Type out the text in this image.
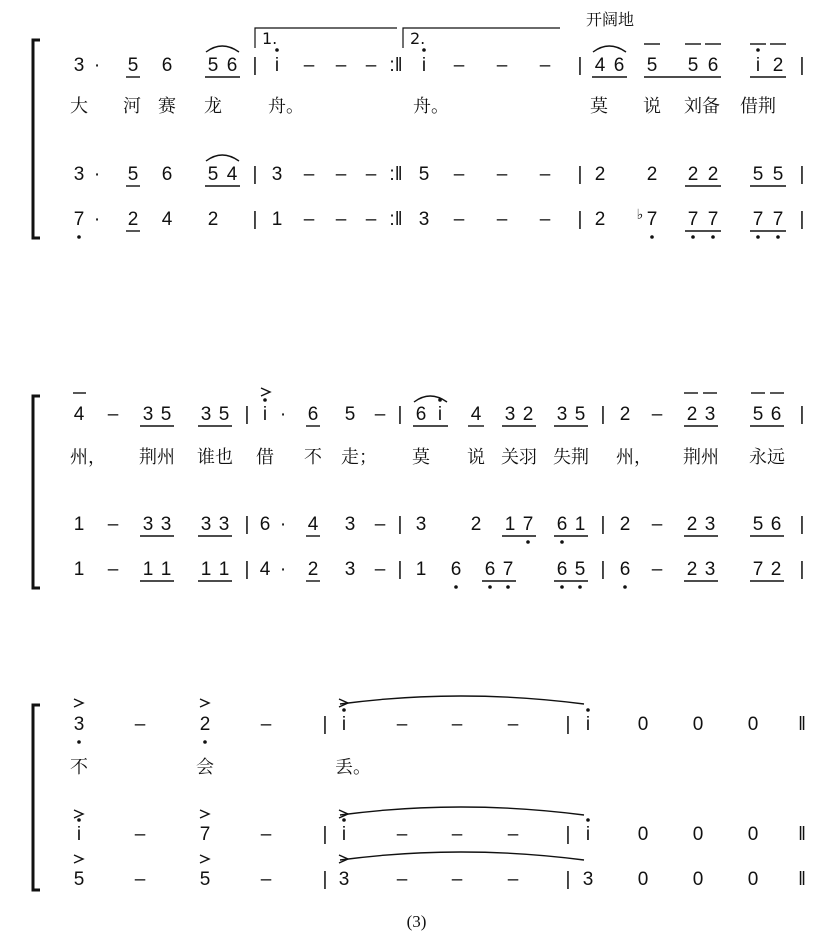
开阔地
1.	2.
3 · 5 6 5 6 | i – – – :‖ i – – – | 4 6 5 5 6 i 2 |
大 河 赛 龙	舟。	舟。	莫 说 刘备 借荆
3 · 5 6 5 4 | 3 – – – :‖ 5 – – – | 2 2 2 2 5 5 |
7 · 2 4 2 | 1 – – – :‖ 3 – – – | 2 ♭ 7 7 7 7 7 |
4 – 3 5 3 5 | i · 6 5 – | 6 i 4 3 2 3 5 | 2 – 2 3 5 6 |
州， 荆州 谁也 借 不 走； 莫 说 关羽 失荆 州， 荆州 永远
1 – 3 3 3 3 | 6 · 4 3 – | 3 2 1 7 6 1 | 2 – 2 3 5 6 |
1 – 1 1 1 1 | 4 · 2 3 – | 1 6 6 7 6 5 | 6 – 2 3 7 2 |
3	–	2	–	| i	– – – | i	0 0 0 ‖
不	会	丢。
i	–	7	–	| i	– – – | i	0 0 0 ‖
5	–	5	–	| 3 – – – | 3 0 0 0 ‖
(3)
